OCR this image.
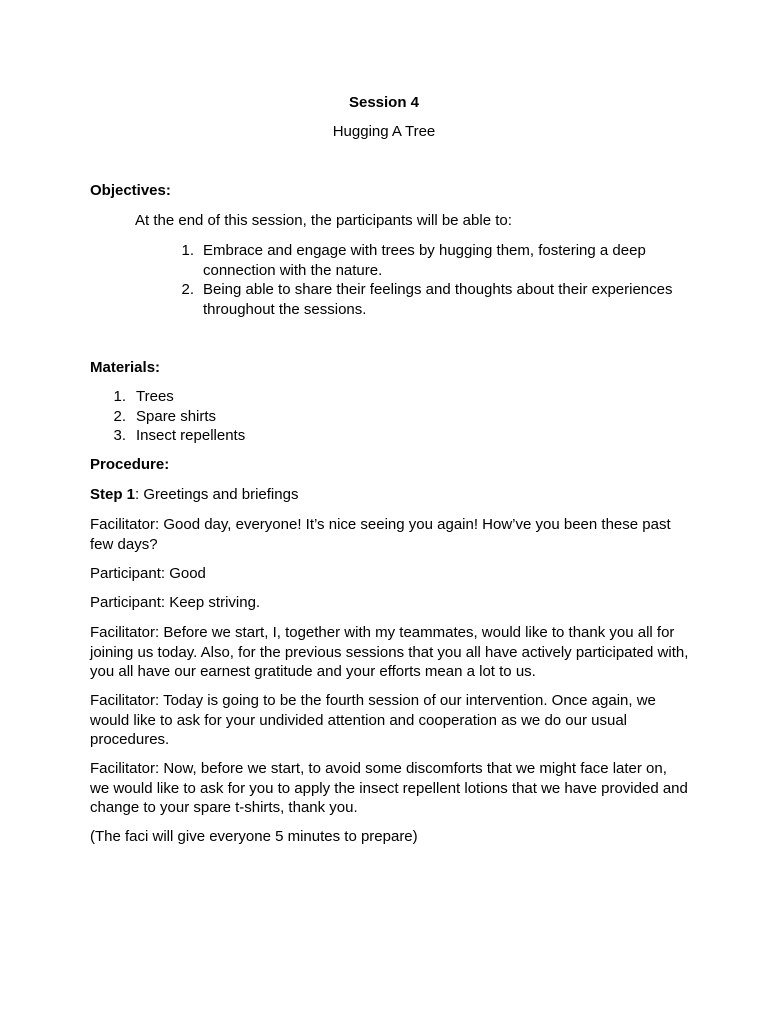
Session 4
Hugging A Tree
Objectives:
At the end of this session, the participants will be able to:
1. Embrace and engage with trees by hugging them, fostering a deep connection with the nature.
2. Being able to share their feelings and thoughts about their experiences throughout the sessions.
Materials:
1. Trees
2. Spare shirts
3. Insect repellents
Procedure:
Step 1: Greetings and briefings
Facilitator: Good day, everyone! It’s nice seeing you again! How’ve you been these past few days?
Participant: Good
Participant: Keep striving.
Facilitator: Before we start, I, together with my teammates, would like to thank you all for joining us today. Also, for the previous sessions that you all have actively participated with, you all have our earnest gratitude and your efforts mean a lot to us.
Facilitator: Today is going to be the fourth session of our intervention. Once again, we would like to ask for your undivided attention and cooperation as we do our usual procedures.
Facilitator: Now, before we start, to avoid some discomforts that we might face later on, we would like to ask for you to apply the insect repellent lotions that we have provided and change to your spare t-shirts, thank you.
(The faci will give everyone 5 minutes to prepare)
